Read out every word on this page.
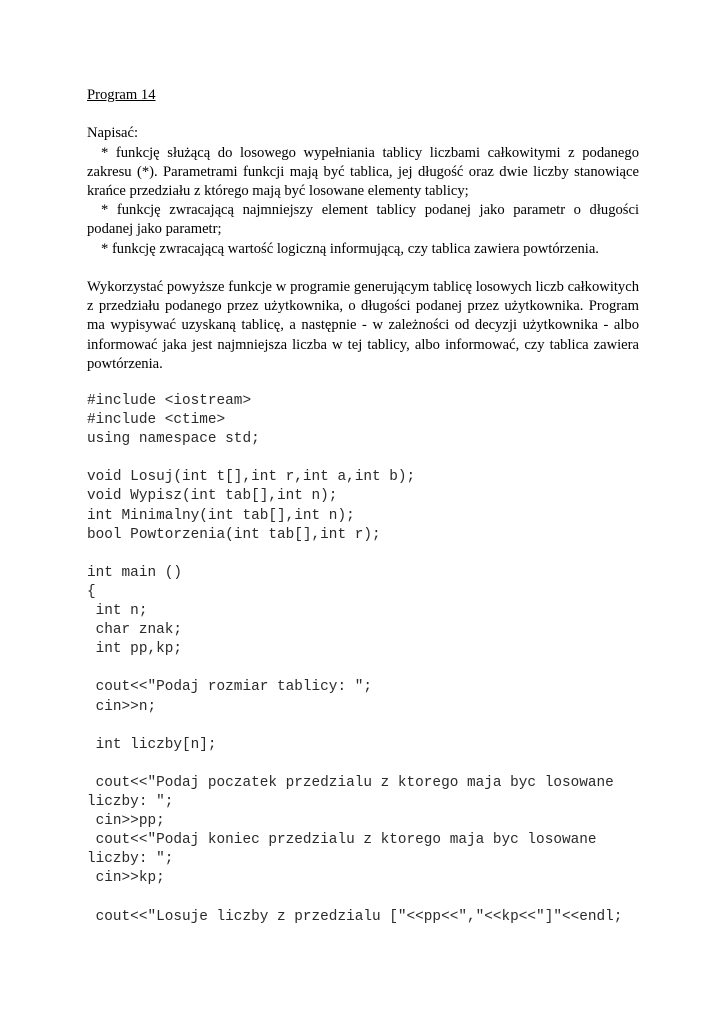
Program 14

Napisać:

* funkcję służącą do losowego wypełniania tablicy liczbami całkowitymi z podanego zakresu (*). Parametrami funkcji mają być tablica, jej długość oraz dwie liczby stanowiące krańce przedziału z którego mają być losowane elementy tablicy;

* funkcję zwracającą najmniejszy element tablicy podanej jako parametr o długości podanej jako parametr;

* funkcję zwracającą wartość logiczną informującą, czy tablica zawiera powtórzenia.

Wykorzystać powyższe funkcje w programie generującym tablicę losowych liczb całkowitych z przedziału podanego przez użytkownika, o długości podanej przez użytkownika. Program ma wypisywać uzyskaną tablicę, a następnie - w zależności od decyzji użytkownika - albo informować jaka jest najmniejsza liczba w tej tablicy, albo informować, czy tablica zawiera powtórzenia.

#include <iostream>
#include <ctime>
using namespace std;
void Losuj(int t[],int r,int a,int b);
void Wypisz(int tab[],int n);
int Minimalny(int tab[],int n);
bool Powtorzenia(int tab[],int r);
int main ()
{
int n;
char znak;
int pp,kp;
cout<<"Podaj rozmiar tablicy: ";
cin>>n;
int liczby[n];
cout<<"Podaj poczatek przedzialu z ktorego maja byc losowane
liczby: ";
cin>>pp;
cout<<"Podaj koniec przedzialu z ktorego maja byc losowane
liczby: ";
cin>>kp;
cout<<"Losuje liczby z przedzialu ["<<pp<<","<<kp<<"]"<<endl;
